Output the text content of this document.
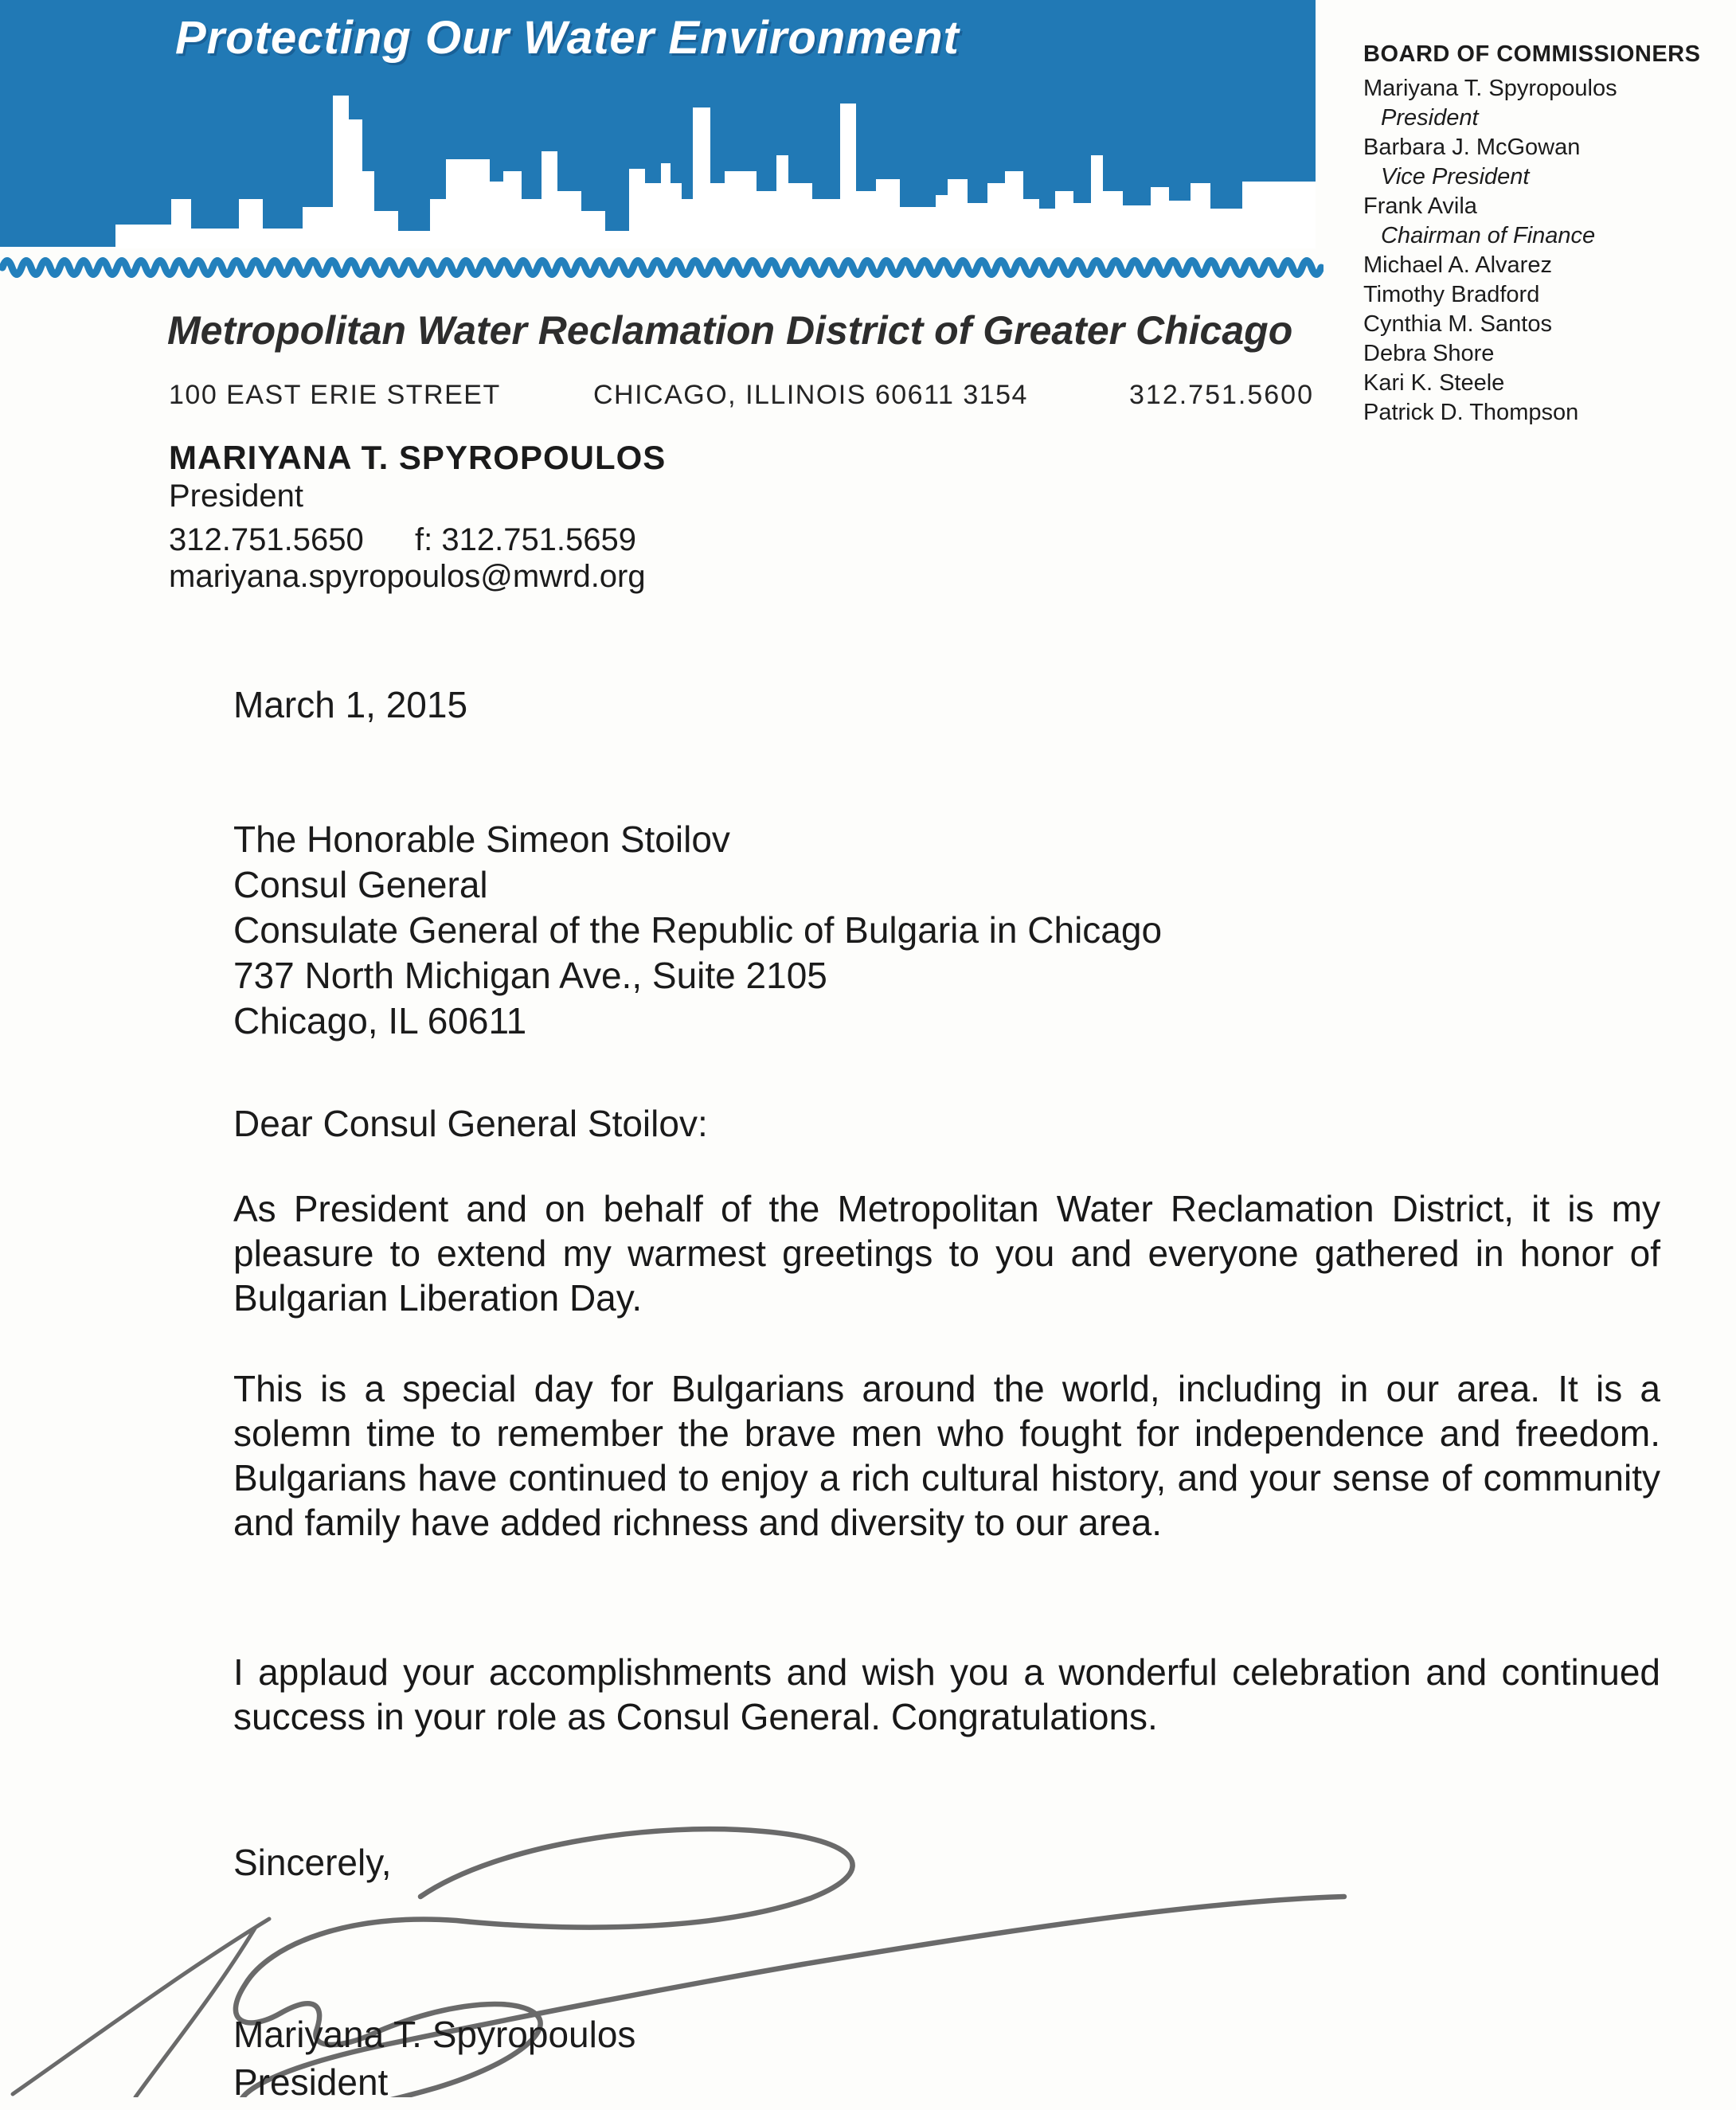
Protecting Our Water Environment	BOARD OF COMMISSIONERS
Mariyana T. Spyropoulos
President
Barbara J. McGowan
Vice President
Frank Avila
Chairman of Finance
Michael A. Alvarez
Timothy Bradford
Cynthia M. Santos
Debra Shore
Kari K. Steele
Patrick D. Thompson
Metropolitan Water Reclamation District of Greater Chicago
100 EAST ERIE STREET	CHICAGO, ILLINOIS 60611 3154	312.751.5600
MARIYANA T. SPYROPOULOS
President
312.751.5650 f: 312.751.5659
mariyana.spyropoulos@mwrd.org
March 1, 2015
The Honorable Simeon Stoilov
Consul General
Consulate General of the Republic of Bulgaria in Chicago
737 North Michigan Ave., Suite 2105
Chicago, IL 60611
Dear Consul General Stoilov:
As President and on behalf of the Metropolitan Water Reclamation District, it is my pleasure to extend my warmest greetings to you and everyone gathered in honor of Bulgarian Liberation Day.
This is a special day for Bulgarians around the world, including in our area. It is a solemn time to remember the brave men who fought for independence and freedom. Bulgarians have continued to enjoy a rich cultural history, and your sense of community and family have added richness and diversity to our area.
I applaud your accomplishments and wish you a wonderful celebration and continued success in your role as Consul General. Congratulations.
Sincerely,
Mariyana T. Spyropoulos
President
